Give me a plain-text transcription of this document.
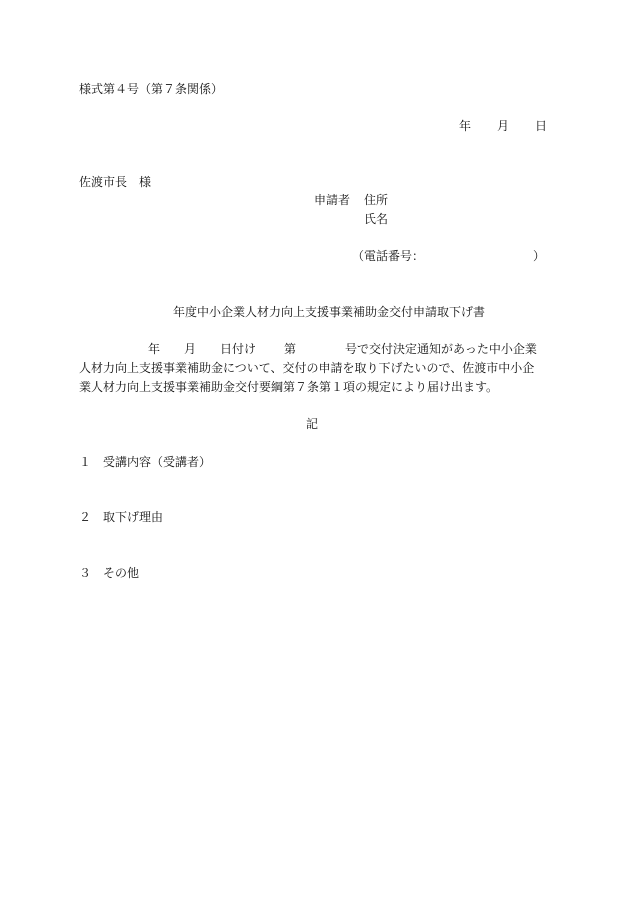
様式第４号（第７条関係）
年 月 日
佐渡市長　様
申請者 住所
氏名
（電話番号：	）
年度中小企業人材力向上支援事業補助金交付申請取下げ書
年 月 日付け 第	号で交付決定通知があった中小企業
人材力向上支援事業補助金について、交付の申請を取り下げたいので、佐渡市中小企
業人材力向上支援事業補助金交付要綱第７条第１項の規定により届け出ます。
記
１ 受講内容（受講者）
２ 取下げ理由
３ その他
